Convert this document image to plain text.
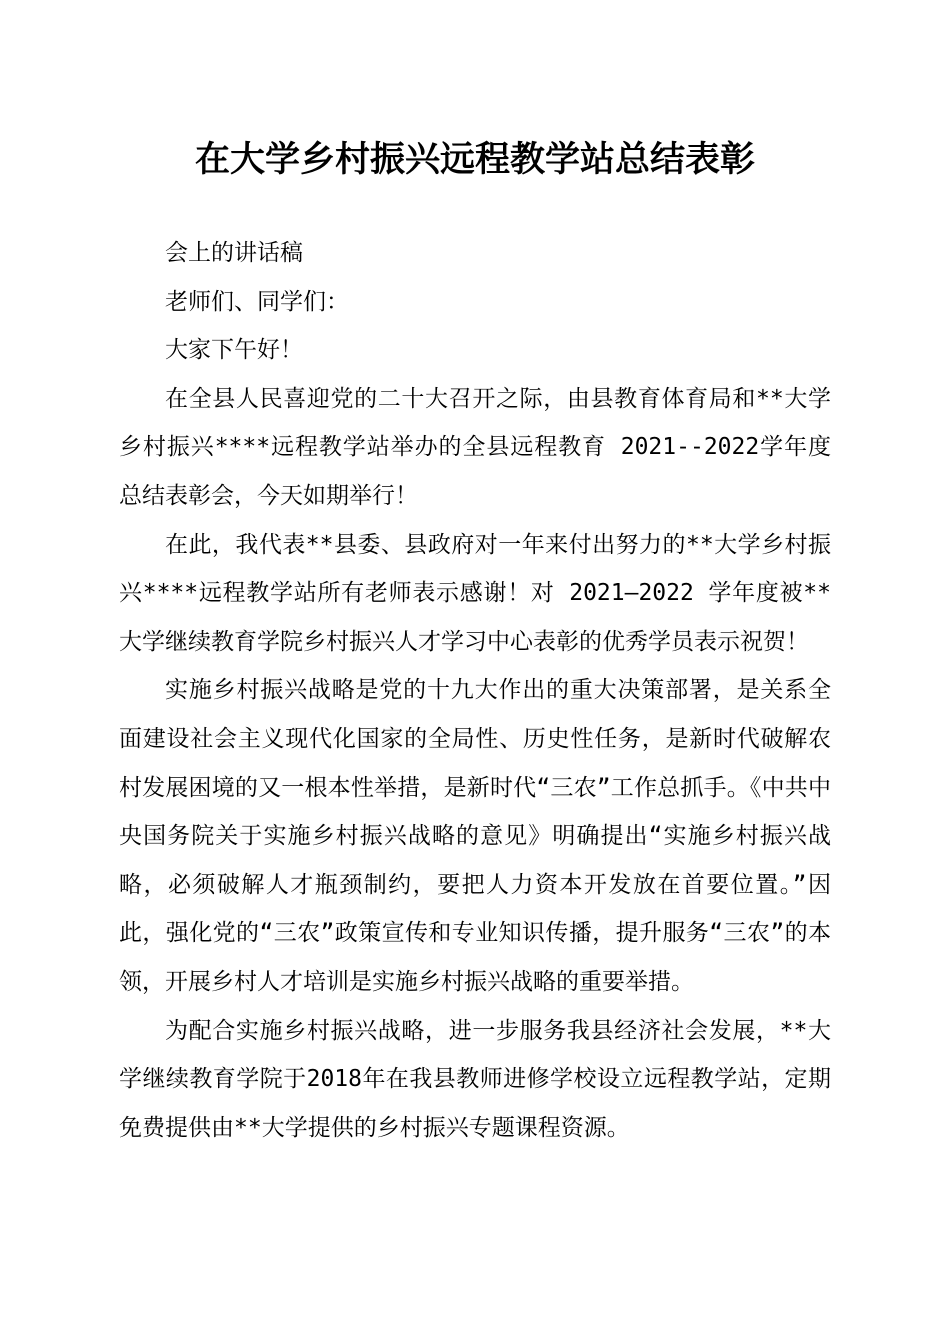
在大学乡村振兴远程教学站总结表彰

会上的讲话稿

老师们、同学们：

大家下午好！

在全县人民喜迎党的二十大召开之际，由县教育体育局和**大学乡村振兴****远程教学站举办的全县远程教育 2021--2022学年度总结表彰会，今天如期举行！

在此，我代表**县委、县政府对一年来付出努力的**大学乡村振兴****远程教学站所有老师表示感谢！对 2021—2022 学年度被**大学继续教育学院乡村振兴人才学习中心表彰的优秀学员表示祝贺！

实施乡村振兴战略是党的十九大作出的重大决策部署，是关系全面建设社会主义现代化国家的全局性、历史性任务，是新时代破解农村发展困境的又一根本性举措，是新时代“三农”工作总抓手。《中共中央国务院关于实施乡村振兴战略的意见》明确提出“实施乡村振兴战略，必须破解人才瓶颈制约，要把人力资本开发放在首要位置。”因此，强化党的“三农”政策宣传和专业知识传播，提升服务“三农”的本领，开展乡村人才培训是实施乡村振兴战略的重要举措。

为配合实施乡村振兴战略，进一步服务我县经济社会发展，**大学继续教育学院于2018年在我县教师进修学校设立远程教学站，定期免费提供由**大学提供的乡村振兴专题课程资源。
